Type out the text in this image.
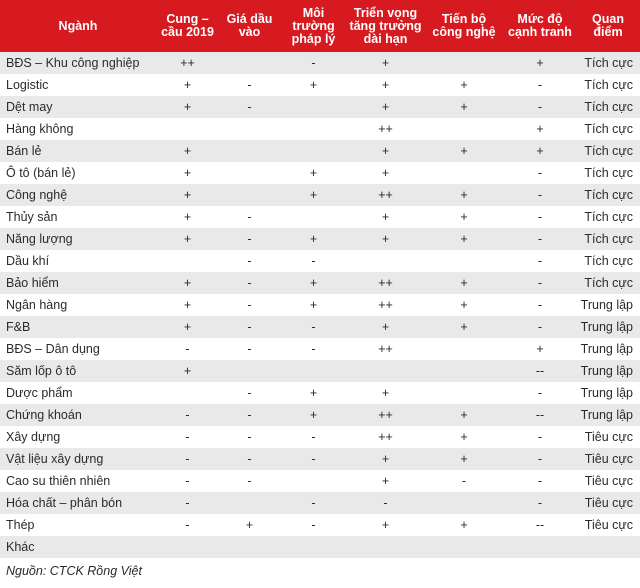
Ngành	Cung – cầu 2019	Giá dầu vào	Môi trường pháp lý	Triển vọng tăng trưởng dài hạn	Tiến bộ công nghệ	Mức độ cạnh tranh	Quan điểm
BĐS – Khu công nghiệp	++		-	+		+	Tích cực
Logistic	+	-	+	+	+	-	Tích cực
Dệt may	+	-		+	+	-	Tích cực
Hàng không				++		+	Tích cực
Bán lẻ	+			+	+	+	Tích cực
Ô tô (bán lẻ)	+		+	+		-	Tích cực
Công nghệ	+		+	++	+	-	Tích cực
Thủy sản	+	-		+	+	-	Tích cực
Năng lượng	+	-	+	+	+	-	Tích cực
Dầu khí		-	-			-	Tích cực
Bảo hiểm	+	-	+	++	+	-	Tích cực
Ngân hàng	+	-	+	++	+	-	Trung lập
F&B	+	-	-	+	+	-	Trung lập
BĐS – Dân dụng	-	-	-	++		+	Trung lập
Săm lốp ô tô	+					--	Trung lập
Dược phẩm		-	+	+		-	Trung lập
Chứng khoán	-	-	+	++	+	--	Trung lập
Xây dựng	-	-	-	++	+	-	Tiêu cực
Vật liệu xây dựng	-	-	-	+	+	-	Tiêu cực
Cao su thiên nhiên	-	-		+	-	-	Tiêu cực
Hóa chất – phân bón	-		-	-		-	Tiêu cực
Thép	-	+	-	+	+	--	Tiêu cực
Khác							
Nguồn: CTCK Rồng Việt
